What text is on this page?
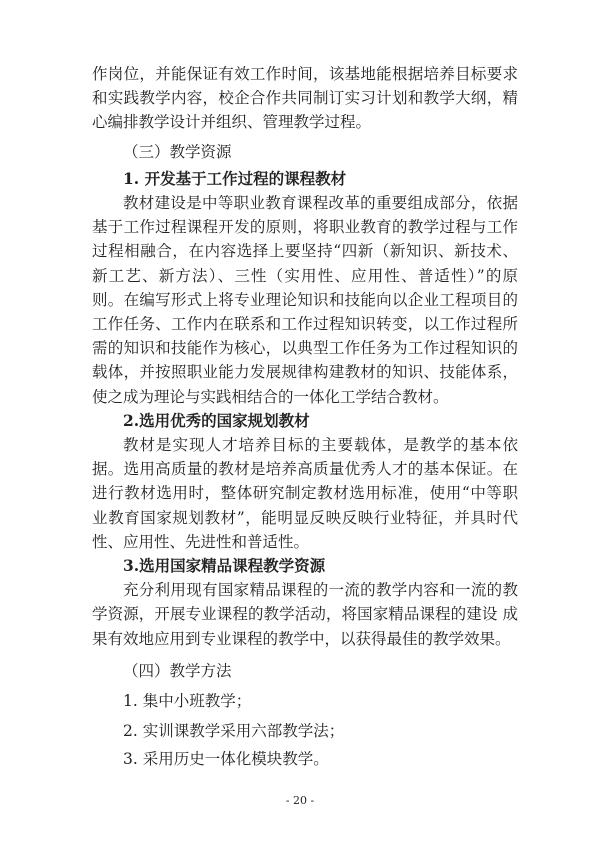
作岗位，并能保证有效工作时间，该基地能根据培养目标要求和实践教学内容，校企合作共同制订实习计划和教学大纲，精心编排教学设计并组织、管理教学过程。

（三）教学资源

1. 开发基于工作过程的课程教材

教材建设是中等职业教育课程改革的重要组成部分，依据基于工作过程课程开发的原则，将职业教育的教学过程与工作过程相融合，在内容选择上要坚持“四新（新知识、新技术、新工艺、新方法）、三性（实用性、应用性、普适性）”的原则。在编写形式上将专业理论知识和技能向以企业工程项目的工作任务、工作内在联系和工作过程知识转变，以工作过程所需的知识和技能作为核心，以典型工作任务为工作过程知识的载体，并按照职业能力发展规律构建教材的知识、技能体系，使之成为理论与实践相结合的一体化工学结合教材。

2.选用优秀的国家规划教材

教材是实现人才培养目标的主要载体，是教学的基本依据。选用高质量的教材是培养高质量优秀人才的基本保证。在进行教材选用时，整体研究制定教材选用标准，使用“中等职业教育国家规划教材”，能明显反映反映行业特征，并具时代性、应用性、先进性和普适性。

3.选用国家精品课程教学资源

充分利用现有国家精品课程的一流的教学内容和一流的教学资源，开展专业课程的教学活动，将国家精品课程的建设 成果有效地应用到专业课程的教学中，以获得最佳的教学效果。

（四）教学方法

1. 集中小班教学；

2. 实训课教学采用六部教学法；

3. 采用历史一体化模块教学。

- 20 -
